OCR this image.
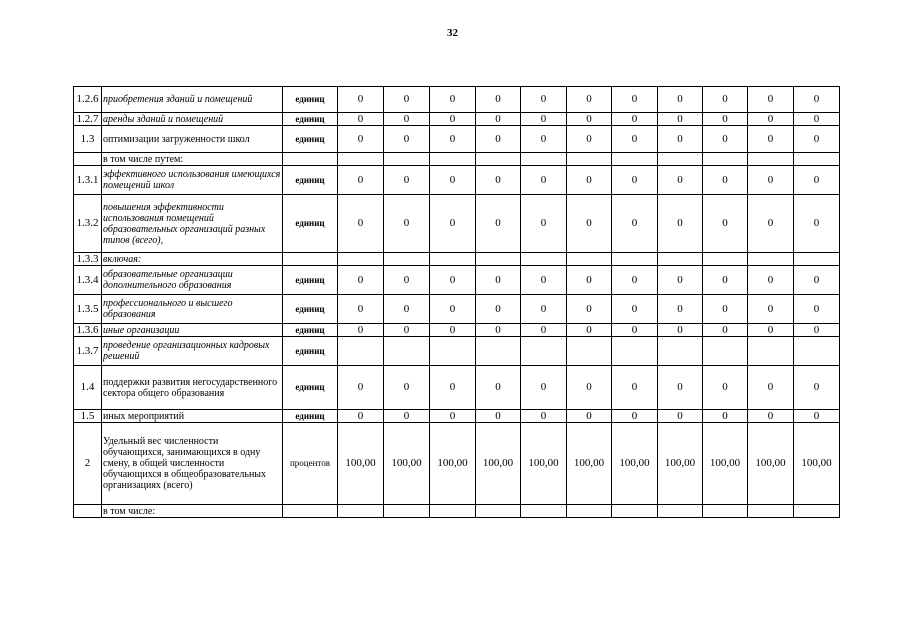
32
1.2.6	приобретения зданий и помещений	единиц	0	0	0	0	0	0	0	0	0	0	0
1.2.7	аренды зданий и помещений	единиц	0	0	0	0	0	0	0	0	0	0	0
1.3	оптимизации загруженности школ	единиц	0	0	0	0	0	0	0	0	0	0	0
	в том числе путем:												
1.3.1	эффективного использования имеющихся помещений школ	единиц	0	0	0	0	0	0	0	0	0	0	0
1.3.2	повышения эффективности использования помещений образовательных организаций разных типов (всего),	единиц	0	0	0	0	0	0	0	0	0	0	0
1.3.3	включая:												
1.3.4	образовательные организации дополнительного образования	единиц	0	0	0	0	0	0	0	0	0	0	0
1.3.5	профессионального и высшего образования	единиц	0	0	0	0	0	0	0	0	0	0	0
1.3.6	иные организации	единиц	0	0	0	0	0	0	0	0	0	0	0
1.3.7	проведение организационных кадровых решений	единиц											
1.4	поддержки развития негосударственного сектора общего образования	единиц	0	0	0	0	0	0	0	0	0	0	0
1.5	иных мероприятий	единиц	0	0	0	0	0	0	0	0	0	0	0
2	Удельный вес численности обучающихся, занимающихся в одну смену, в общей численности обучающихся в общеобразовательных организациях (всего)	процентов	100,00	100,00	100,00	100,00	100,00	100,00	100,00	100,00	100,00	100,00	100,00
	в том числе:												
